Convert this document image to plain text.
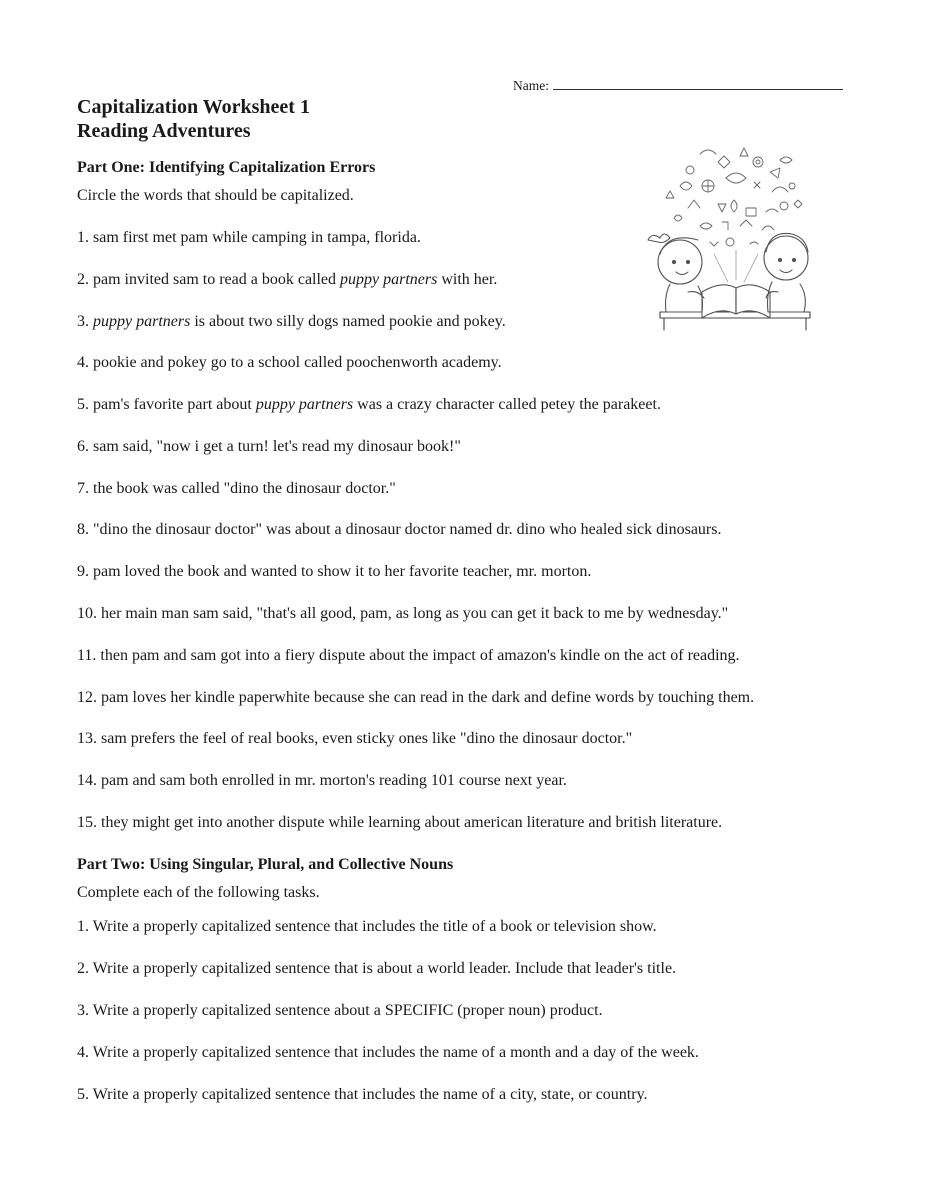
Name:
Capitalization Worksheet 1
Reading Adventures
Part One: Identifying Capitalization Errors
Circle the words that should be capitalized.
1. sam first met pam while camping in tampa, florida.
2. pam invited sam to read a book called puppy partners with her.
3. puppy partners is about two silly dogs named pookie and pokey.
4. pookie and pokey go to a school called poochenworth academy.
5. pam's favorite part about puppy partners was a crazy character called petey the parakeet.
6. sam said, "now i get a turn! let's read my dinosaur book!"
7. the book was called "dino the dinosaur doctor."
8. "dino the dinosaur doctor" was about a dinosaur doctor named dr. dino who healed sick dinosaurs.
9. pam loved the book and wanted to show it to her favorite teacher, mr. morton.
10. her main man sam said, "that's all good, pam, as long as you can get it back to me by wednesday."
11. then pam and sam got into a fiery dispute about the impact of amazon's kindle on the act of reading.
12. pam loves her kindle paperwhite because she can read in the dark and define words by touching them.
13. sam prefers the feel of real books, even sticky ones like "dino the dinosaur doctor."
14. pam and sam both enrolled in mr. morton's reading 101 course next year.
15. they might get into another dispute while learning about american literature and british literature.
Part Two: Using Singular, Plural, and Collective Nouns
Complete each of the following tasks.
1. Write a properly capitalized sentence that includes the title of a book or television show.
2. Write a properly capitalized sentence that is about a world leader. Include that leader's title.
3. Write a properly capitalized sentence about a SPECIFIC (proper noun) product.
4. Write a properly capitalized sentence that includes the name of a month and a day of the week.
5. Write a properly capitalized sentence that includes the name of a city, state, or country.
